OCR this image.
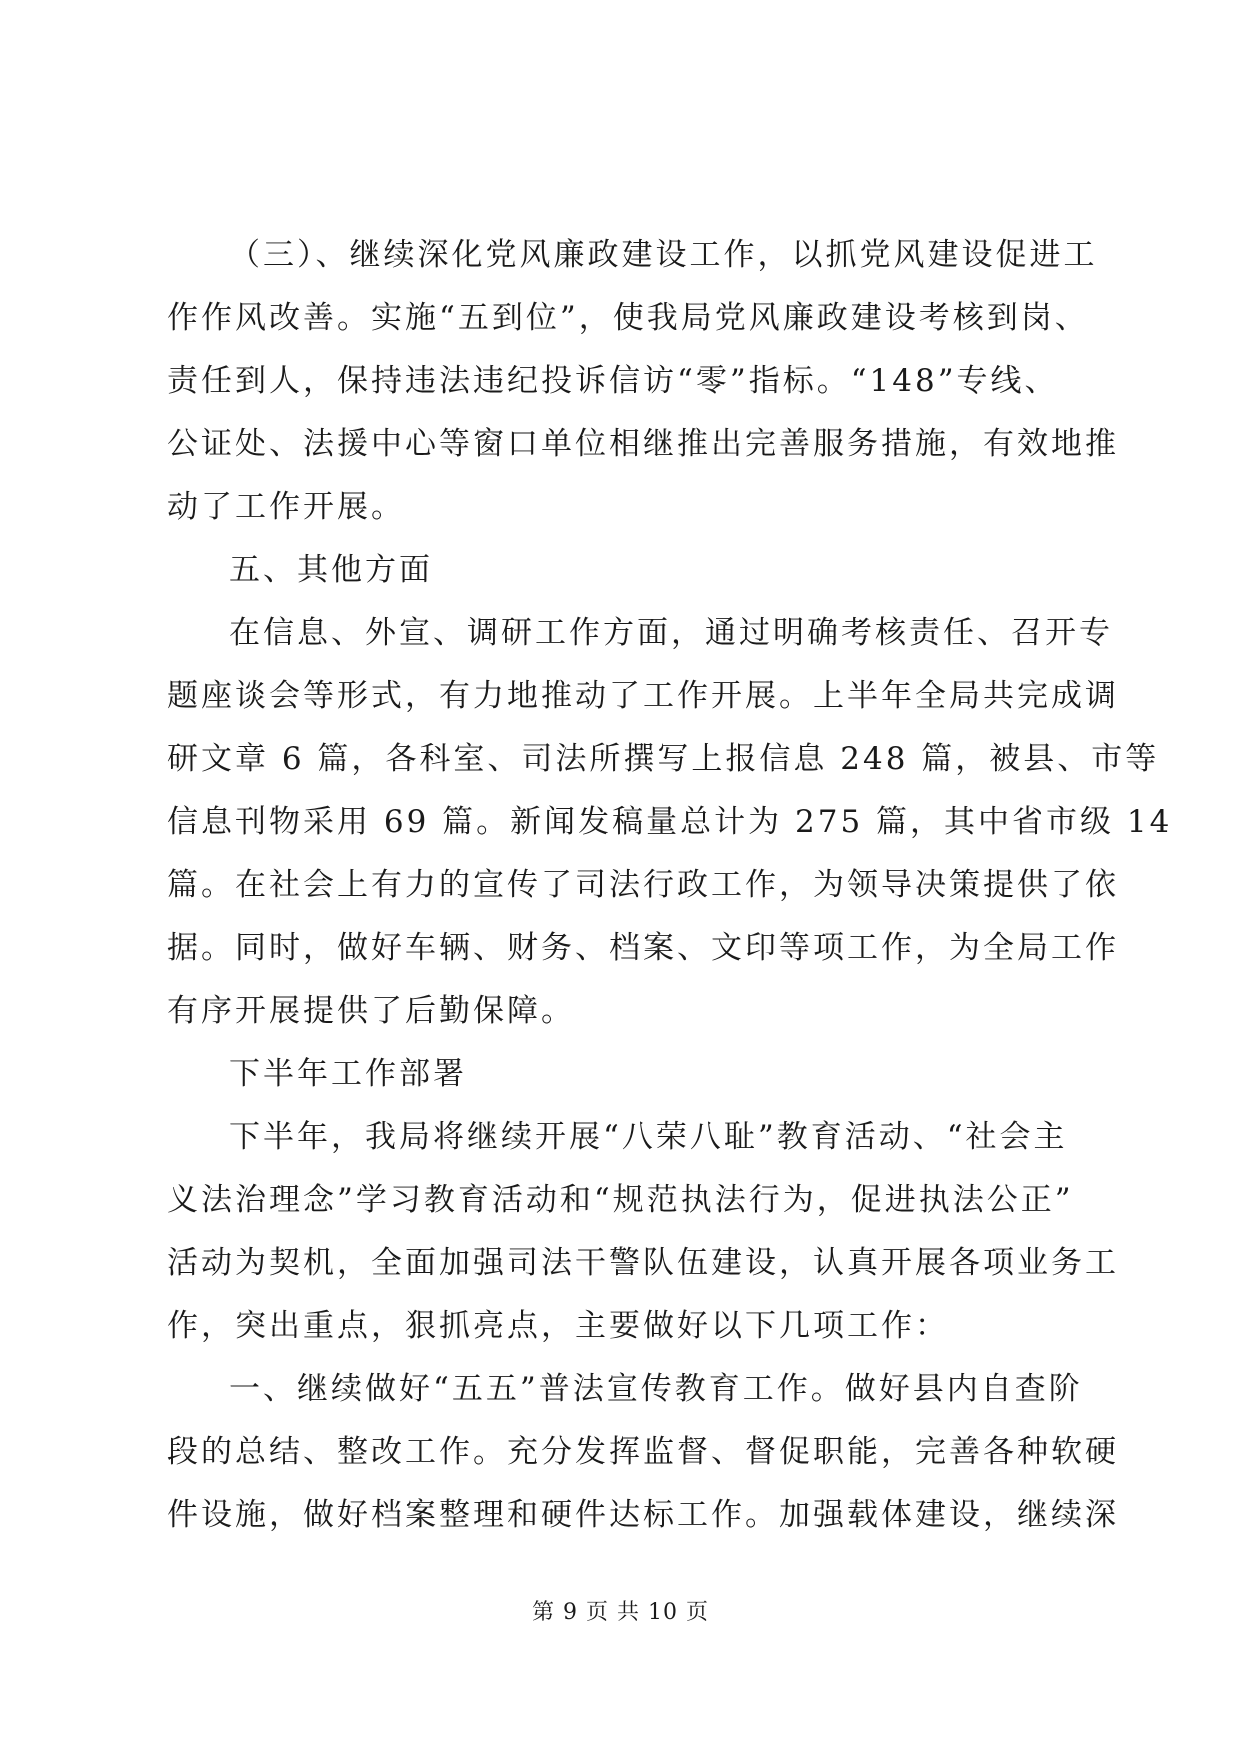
（三）、继续深化党风廉政建设工作，以抓党风建设促进工
作作风改善。实施“五到位”，使我局党风廉政建设考核到岗、
责任到人，保持违法违纪投诉信访“零”指标。“148”专线、
公证处、法援中心等窗口单位相继推出完善服务措施，有效地推
动了工作开展。
五、其他方面
在信息、外宣、调研工作方面，通过明确考核责任、召开专
题座谈会等形式，有力地推动了工作开展。上半年全局共完成调
研文章 6 篇，各科室、司法所撰写上报信息 248 篇，被县、市等
信息刊物采用 69 篇。新闻发稿量总计为 275 篇，其中省市级 14
篇。在社会上有力的宣传了司法行政工作，为领导决策提供了依
据。同时，做好车辆、财务、档案、文印等项工作，为全局工作
有序开展提供了后勤保障。
下半年工作部署
下半年，我局将继续开展“八荣八耻”教育活动、“社会主
义法治理念”学习教育活动和“规范执法行为，促进执法公正”
活动为契机，全面加强司法干警队伍建设，认真开展各项业务工
作，突出重点，狠抓亮点，主要做好以下几项工作：
一、继续做好“五五”普法宣传教育工作。做好县内自查阶
段的总结、整改工作。充分发挥监督、督促职能，完善各种软硬
件设施，做好档案整理和硬件达标工作。加强载体建设，继续深
第 9 页 共 10 页
